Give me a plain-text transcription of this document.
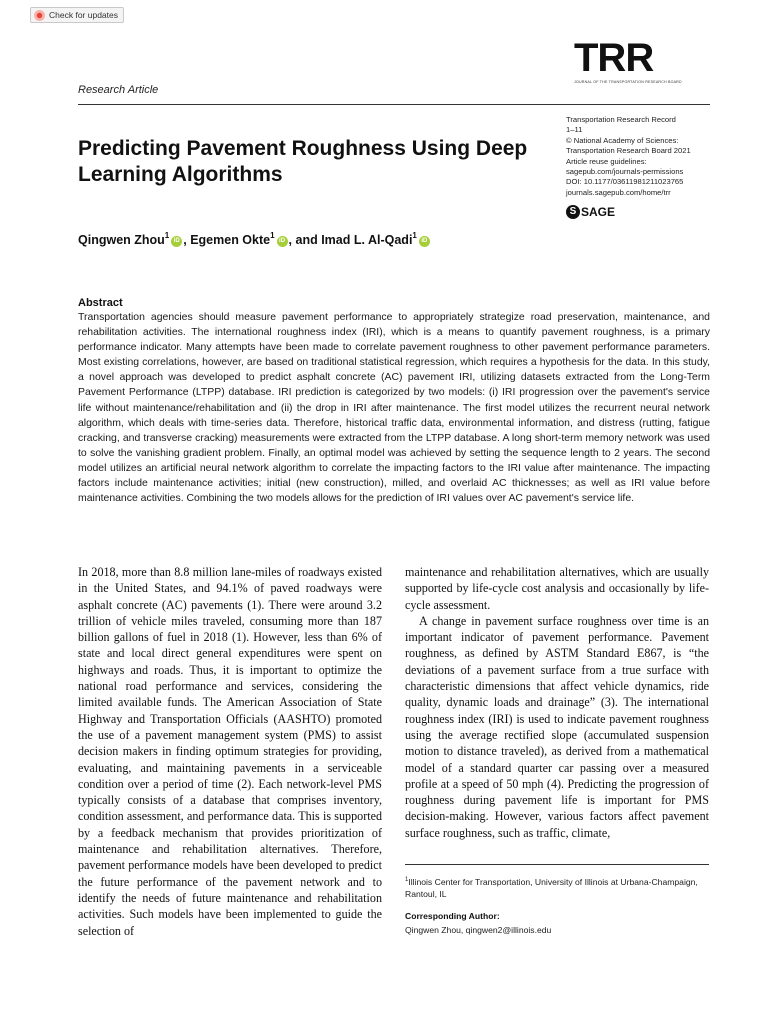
Check for updates
TRR
JOURNAL OF THE TRANSPORTATION RESEARCH BOARD
Research Article
Predicting Pavement Roughness Using Deep Learning Algorithms
Transportation Research Record
1–11
© National Academy of Sciences:
Transportation Research Board 2021
Article reuse guidelines:
sagepub.com/journals-permissions
DOI: 10.1177/03611981211023765
journals.sagepub.com/home/trr
S SAGE
Qingwen Zhou$^1$
iD , Egemen Okte$^1$
iD , and Imad L. Al-Qadi$^1$
iD
Abstract

Transportation agencies should measure pavement performance to appropriately strategize road preservation, maintenance, and rehabilitation activities. The international roughness index (IRI), which is a means to quantify pavement roughness, is a primary performance indicator. Many attempts have been made to correlate pavement roughness to other pavement performance parameters. Most existing correlations, however, are based on traditional statistical regression, which requires a hypothesis for the data. In this study, a novel approach was developed to predict asphalt concrete (AC) pavement IRI, utilizing datasets extracted from the Long-Term Pavement Performance (LTPP) database. IRI prediction is categorized by two models: (i) IRI progression over the pavement's service life without maintenance/rehabilitation and (ii) the drop in IRI after maintenance. The first model utilizes the recurrent neural network algorithm, which deals with time-series data. Therefore, historical traffic data, environmental information, and distress (rutting, fatigue cracking, and transverse cracking) measurements were extracted from the LTPP database. A long short-term memory network was used to solve the vanishing gradient problem. Finally, an optimal model was achieved by setting the sequence length to 2 years. The second model utilizes an artificial neural network algorithm to correlate the impacting factors to the IRI value after maintenance. The impacting factors include maintenance activities; initial (new construction), milled, and overlaid AC thicknesses; as well as IRI value before maintenance activities. Combining the two models allows for the prediction of IRI values over AC pavement's service life.

In 2018, more than 8.8 million lane-miles of roadways existed in the United States, and 94.1% of paved roadways were asphalt concrete (AC) pavements (1). There were around 3.2 trillion of vehicle miles traveled, consuming more than 187 billion gallons of fuel in 2018 (1). However, less than 6% of state and local direct general expenditures were spent on highways and roads. Thus, it is important to optimize the national road performance and services, considering the limited available funds. The American Association of State Highway and Transportation Officials (AASHTO) promoted the use of a pavement management system (PMS) to assist decision makers in finding optimum strategies for providing, evaluating, and maintaining pavements in a serviceable condition over a period of time (2). Each network-level PMS typically consists of a database that comprises inventory, condition assessment, and performance data. This is supported by a feedback mechanism that provides prioritization of maintenance and rehabilitation alternatives. Therefore, pavement performance models have been developed to predict the future performance of the pavement network and to identify the needs of future maintenance and rehabilitation activities. Such models have been implemented to guide the selection of

maintenance and rehabilitation alternatives, which are usually supported by life-cycle cost analysis and occasionally by life-cycle assessment.

A change in pavement surface roughness over time is an important indicator of pavement performance. Pavement roughness, as defined by ASTM Standard E867, is “the deviations of a pavement surface from a true surface with characteristic dimensions that affect vehicle dynamics, ride quality, dynamic loads and drainage” (3). The international roughness index (IRI) is used to indicate pavement roughness using the average rectified slope (accumulated suspension motion to distance traveled), as derived from a mathematical model of a standard quarter car passing over a measured profile at a speed of 50 mph (4). Predicting the progression of roughness during pavement life is important for PMS decision-making. However, various factors affect pavement surface roughness, such as traffic, climate,

$^1$Illinois Center for Transportation, University of Illinois at Urbana-Champaign, Rantoul, IL
Corresponding Author:
Qingwen Zhou, qingwen2@illinois.edu
